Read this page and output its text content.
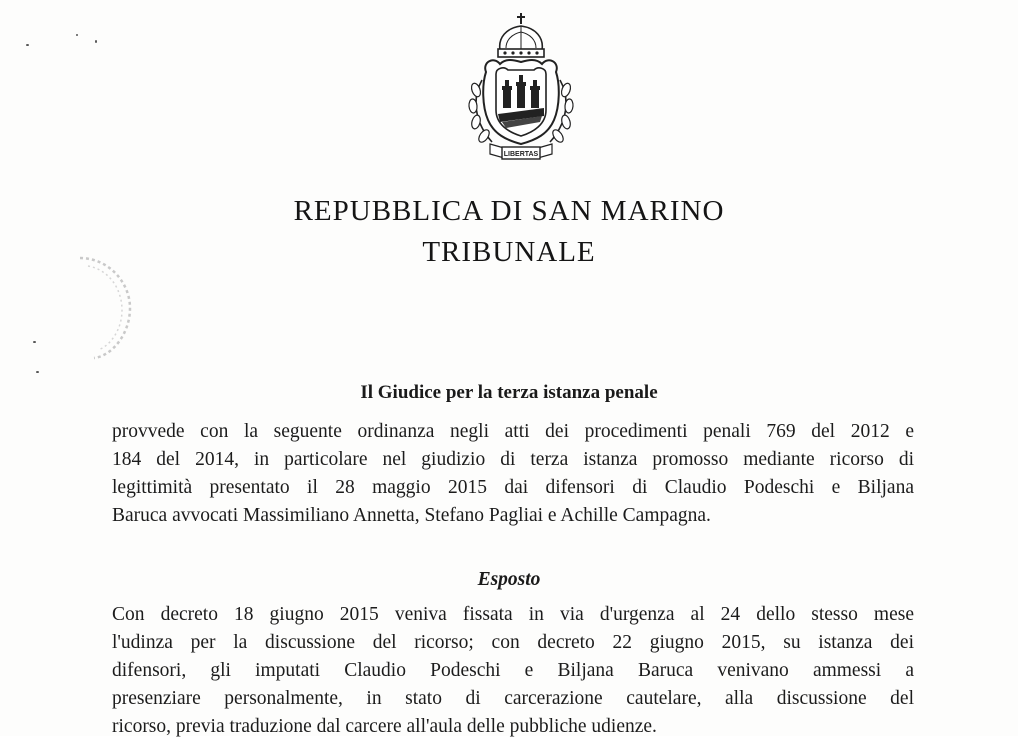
LIBERTAS
REPUBBLICA DI SAN MARINO
TRIBUNALE
Il Giudice per la terza istanza penale
provvede con la seguente ordinanza negli atti dei procedimenti penali 769 del 2012 e
184 del 2014, in particolare nel giudizio di terza istanza promosso mediante ricorso di
legittimità presentato il 28 maggio 2015 dai difensori di Claudio Podeschi e Biljana
Baruca avvocati Massimiliano Annetta, Stefano Pagliai e Achille Campagna.
Esposto
Con decreto 18 giugno 2015 veniva fissata in via d'urgenza al 24 dello stesso mese
l'udinza per la discussione del ricorso; con decreto 22 giugno 2015, su istanza dei
difensori, gli imputati Claudio Podeschi e Biljana Baruca venivano ammessi a
presenziare personalmente, in stato di carcerazione cautelare, alla discussione del
ricorso, previa traduzione dal carcere all'aula delle pubbliche udienze.
